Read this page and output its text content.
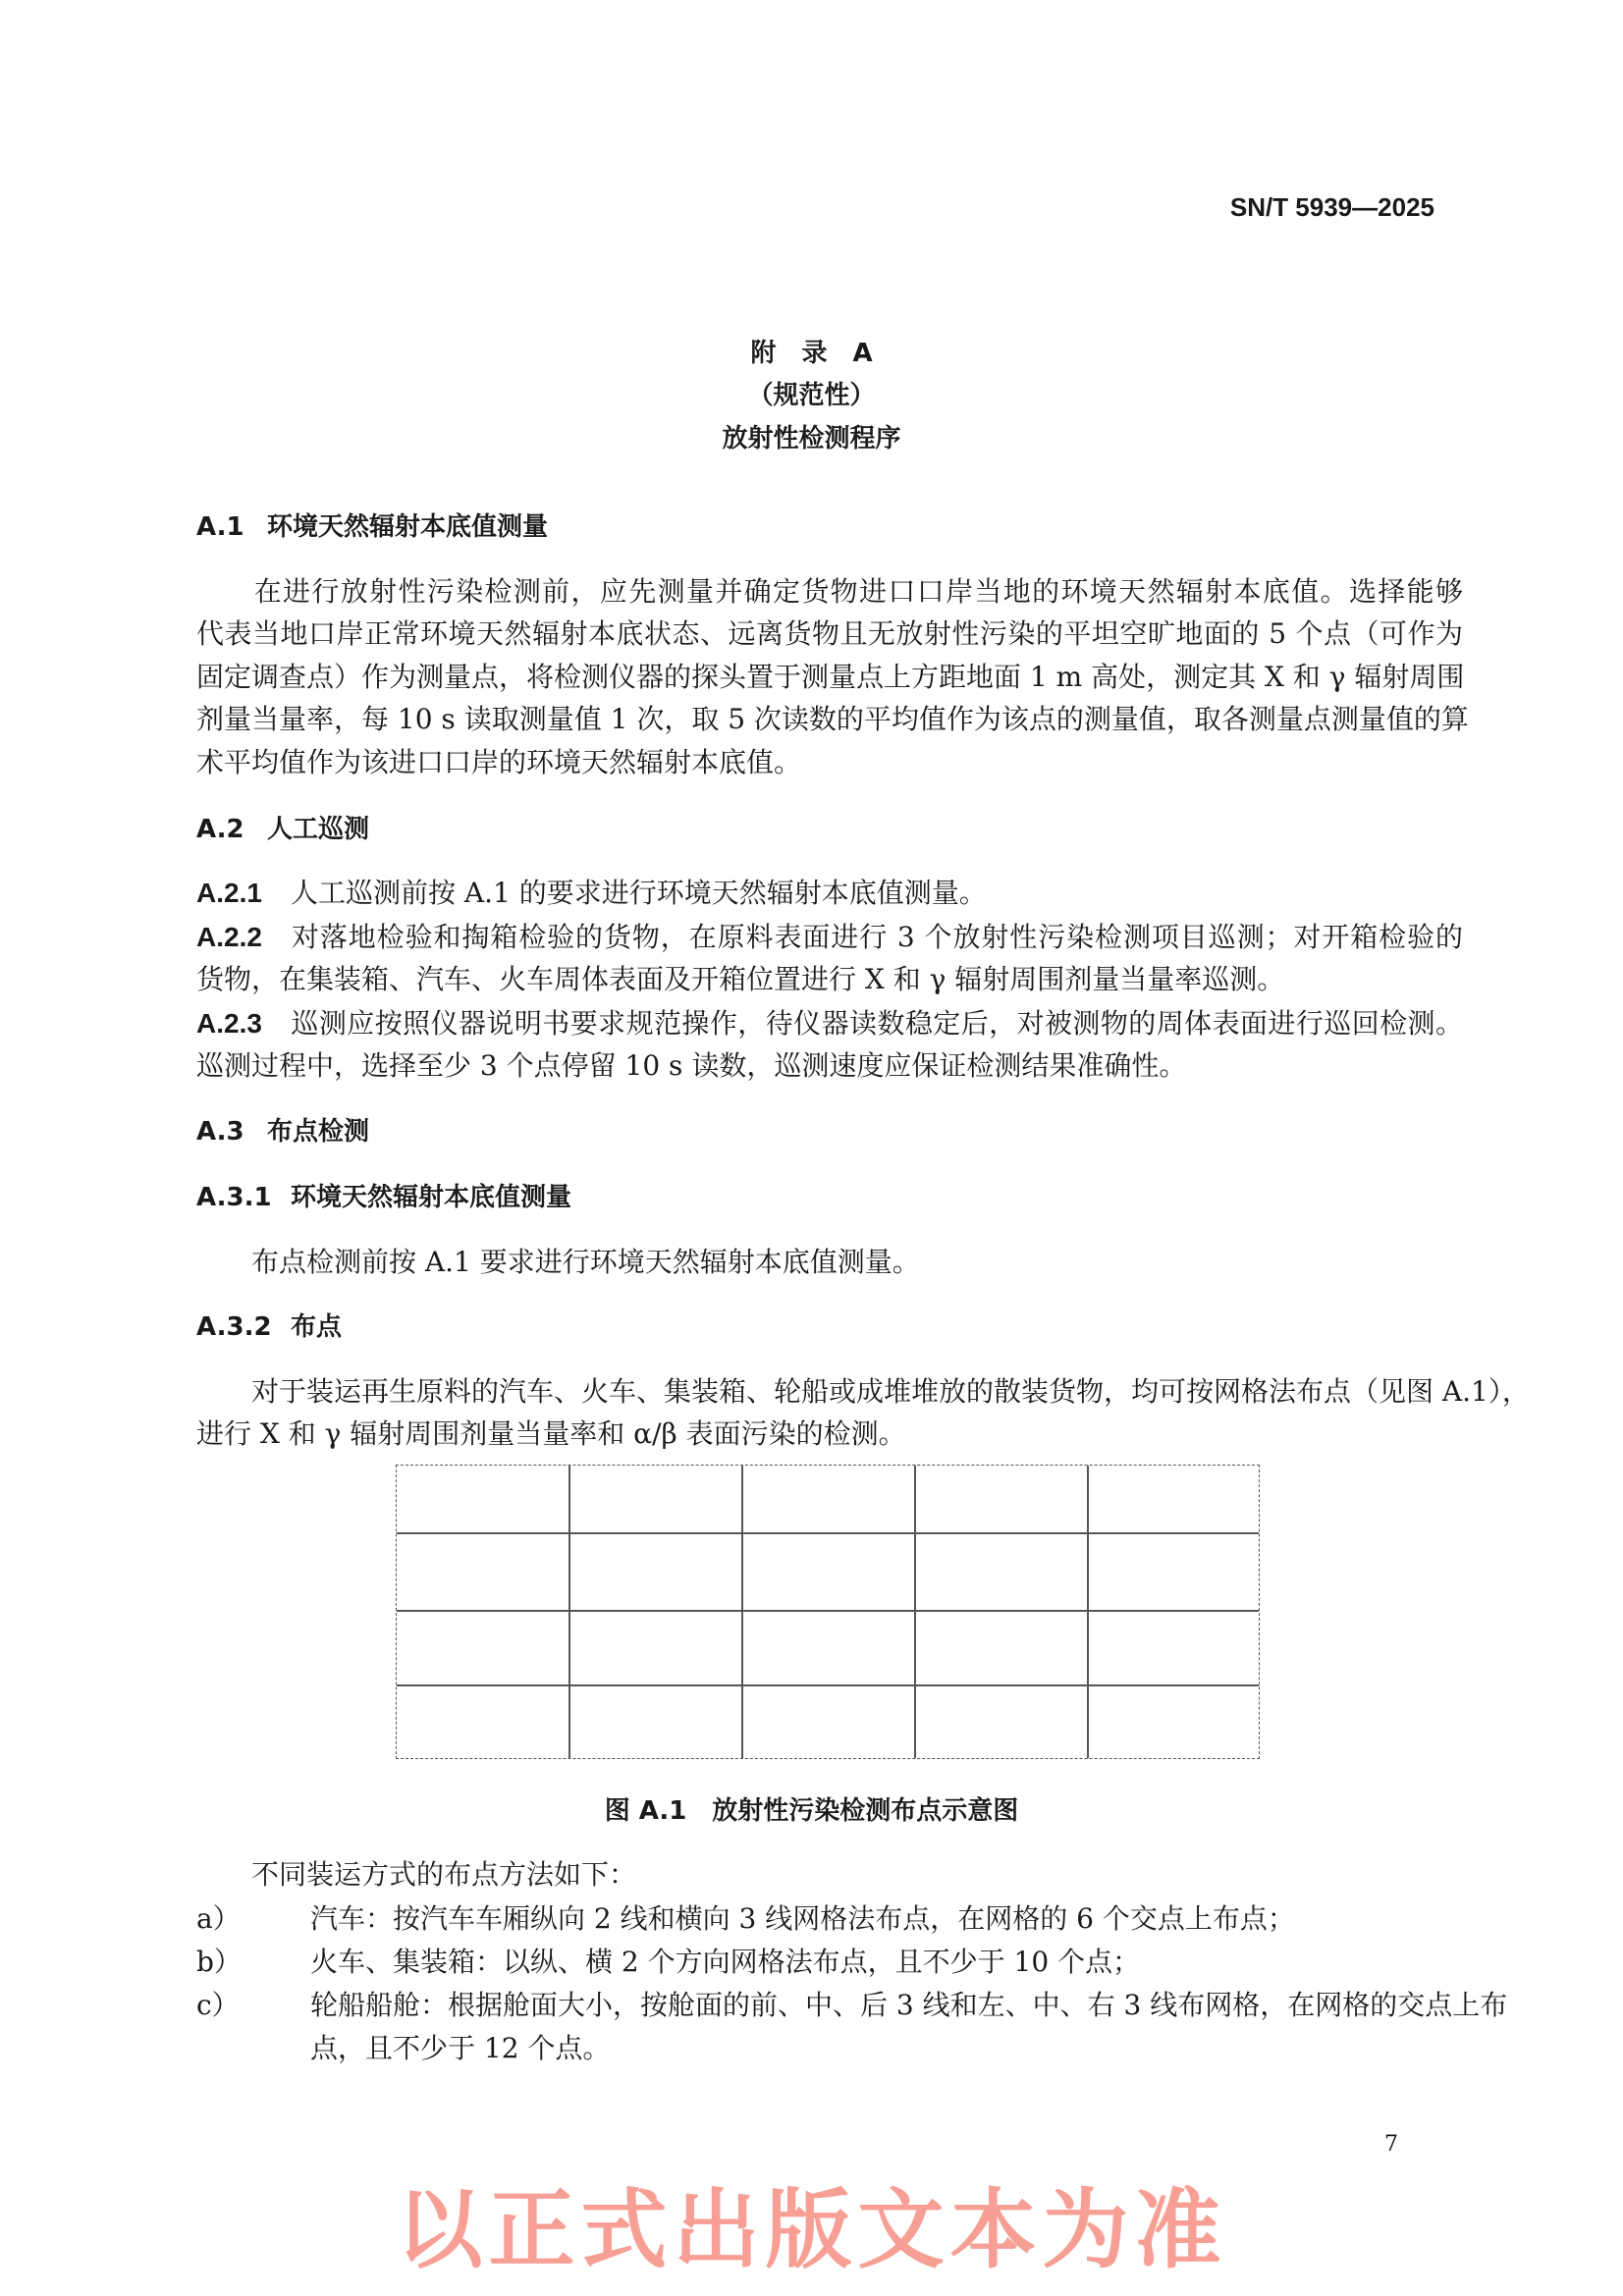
SN/T 5939—2025
附　录　A
（规范性）
放射性检测程序
A.1 环境天然辐射本底值测量
　　在进行放射性污染检测前，应先测量并确定货物进口口岸当地的环境天然辐射本底值。选择能够
代表当地口岸正常环境天然辐射本底状态、远离货物且无放射性污染的平坦空旷地面的 5 个点（可作为
固定调查点）作为测量点，将检测仪器的探头置于测量点上方距地面 1 m 高处，测定其 X 和 γ 辐射周围
剂量当量率，每 10 s 读取测量值 1 次，取 5 次读数的平均值作为该点的测量值，取各测量点测量值的算
术平均值作为该进口口岸的环境天然辐射本底值。
A.2 人工巡测
A.2.1 人工巡测前按 A.1 的要求进行环境天然辐射本底值测量。
A.2.2 对落地检验和掏箱检验的货物，在原料表面进行 3 个放射性污染检测项目巡测；对开箱检验的
货物，在集装箱、汽车、火车周体表面及开箱位置进行 X 和 γ 辐射周围剂量当量率巡测。
A.2.3 巡测应按照仪器说明书要求规范操作，待仪器读数稳定后，对被测物的周体表面进行巡回检测。
巡测过程中，选择至少 3 个点停留 10 s 读数，巡测速度应保证检测结果准确性。
A.3 布点检测
A.3.1 环境天然辐射本底值测量
　　布点检测前按 A.1 要求进行环境天然辐射本底值测量。
A.3.2 布点
　　对于装运再生原料的汽车、火车、集装箱、轮船或成堆堆放的散装货物，均可按网格法布点（见图 A.1），
进行 X 和 γ 辐射周围剂量当量率和 α/β 表面污染的检测。
图 A.1　放射性污染检测布点示意图
　　不同装运方式的布点方法如下：
a）	汽车：按汽车车厢纵向 2 线和横向 3 线网格法布点，在网格的 6 个交点上布点；
b）	火车、集装箱：以纵、横 2 个方向网格法布点，且不少于 10 个点；
c）	轮船船舱：根据舱面大小，按舱面的前、中、后 3 线和左、中、右 3 线布网格，在网格的交点上布
点，且不少于 12 个点。
7
以正式出版文本为准
